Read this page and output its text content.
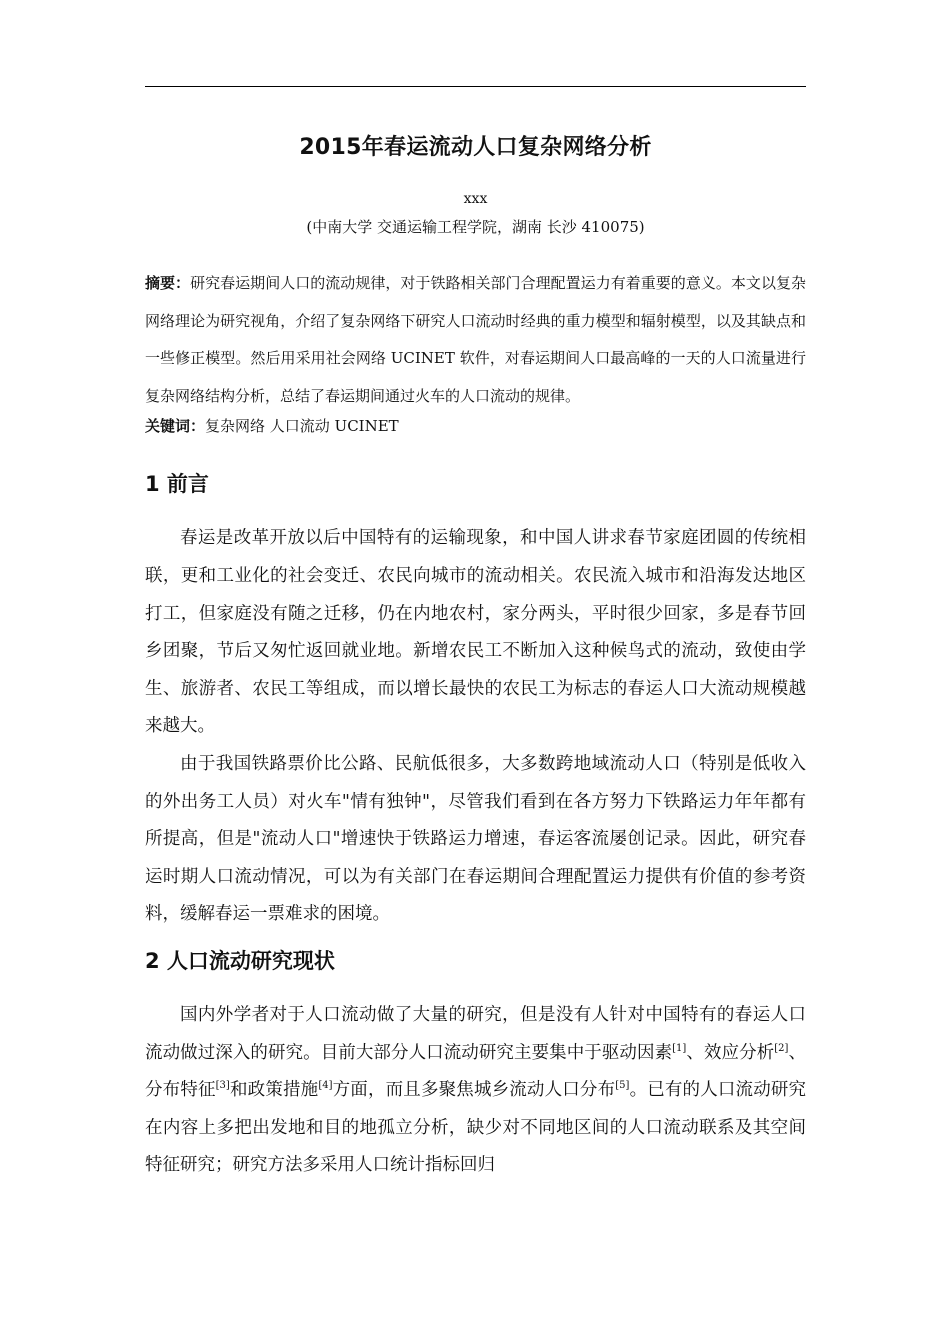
2015年春运流动人口复杂网络分析
xxx
(中南大学 交通运输工程学院，湖南 长沙 410075)
摘要：研究春运期间人口的流动规律，对于铁路相关部门合理配置运力有着重要的意义。本文以复杂网络理论为研究视角，介绍了复杂网络下研究人口流动时经典的重力模型和辐射模型，以及其缺点和一些修正模型。然后用采用社会网络 UCINET 软件，对春运期间人口最高峰的一天的人口流量进行复杂网络结构分析，总结了春运期间通过火车的人口流动的规律。
关键词：复杂网络 人口流动 UCINET
1 前言

春运是改革开放以后中国特有的运输现象，和中国人讲求春节家庭团圆的传统相联，更和工业化的社会变迁、农民向城市的流动相关。农民流入城市和沿海发达地区打工，但家庭没有随之迁移，仍在内地农村，家分两头，平时很少回家，多是春节回乡团聚，节后又匆忙返回就业地。新增农民工不断加入这种候鸟式的流动，致使由学生、旅游者、农民工等组成，而以增长最快的农民工为标志的春运人口大流动规模越来越大。

由于我国铁路票价比公路、民航低很多，大多数跨地域流动人口（特别是低收入的外出务工人员）对火车"情有独钟"，尽管我们看到在各方努力下铁路运力年年都有所提高，但是"流动人口"增速快于铁路运力增速，春运客流屡创记录。因此，研究春运时期人口流动情况，可以为有关部门在春运期间合理配置运力提供有价值的参考资料，缓解春运一票难求的困境。

2 人口流动研究现状

国内外学者对于人口流动做了大量的研究，但是没有人针对中国特有的春运人口流动做过深入的研究。目前大部分人口流动研究主要集中于驱动因素[1]、效应分析[2]、分布特征[3]和政策措施[4]方面，而且多聚焦城乡流动人口分布[5]。已有的人口流动研究在内容上多把出发地和目的地孤立分析，缺少对不同地区间的人口流动联系及其空间特征研究；研究方法多采用人口统计指标回归
